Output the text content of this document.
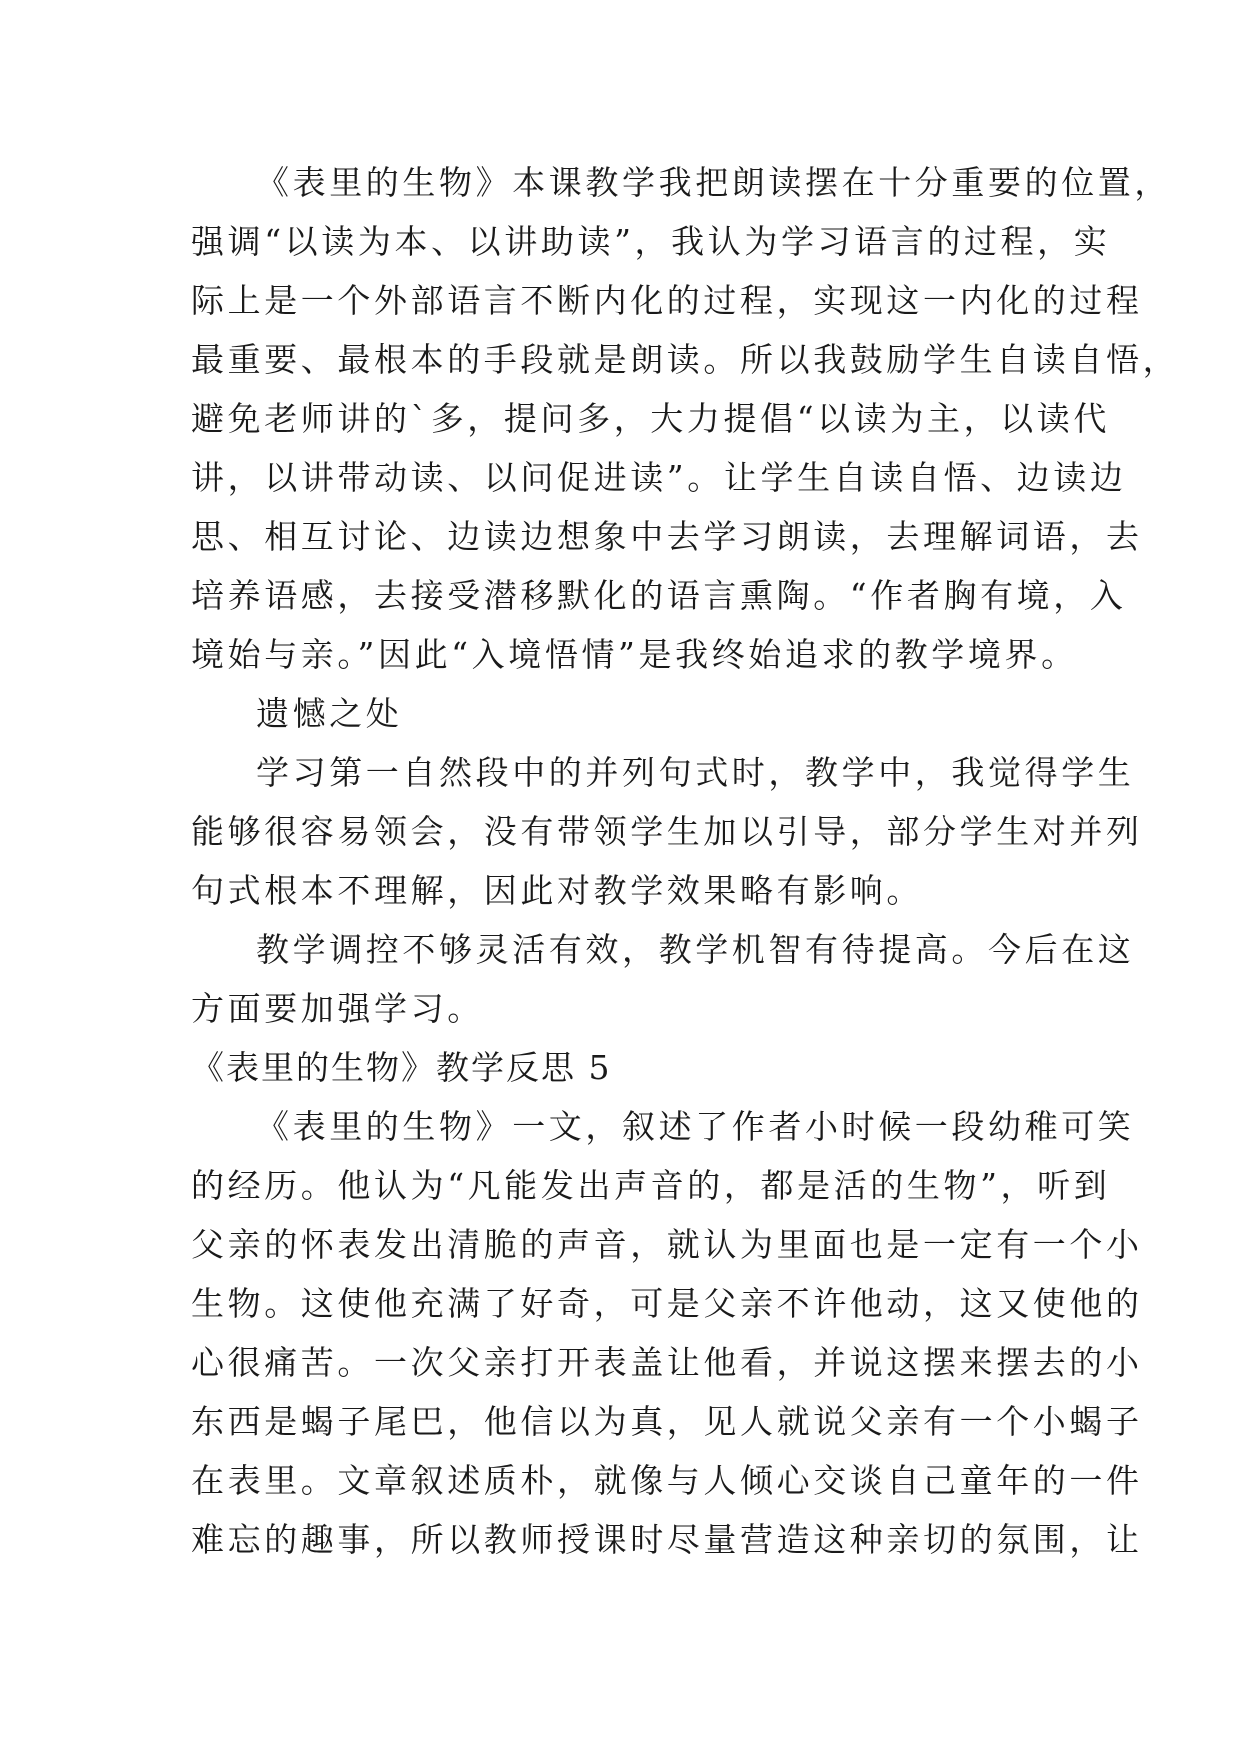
《表里的生物》本课教学我把朗读摆在十分重要的位置，
强调“以读为本、以讲助读”，我认为学习语言的过程，实
际上是一个外部语言不断内化的过程，实现这一内化的过程
最重要、最根本的手段就是朗读。所以我鼓励学生自读自悟，
避免老师讲的`多，提问多，大力提倡“以读为主，以读代
讲，以讲带动读、以问促进读”。让学生自读自悟、边读边
思、相互讨论、边读边想象中去学习朗读，去理解词语，去
培养语感，去接受潜移默化的语言熏陶。“作者胸有境，入
境始与亲。”因此“入境悟情”是我终始追求的教学境界。
遗憾之处
学习第一自然段中的并列句式时，教学中，我觉得学生
能够很容易领会，没有带领学生加以引导，部分学生对并列
句式根本不理解，因此对教学效果略有影响。
教学调控不够灵活有效，教学机智有待提高。今后在这
方面要加强学习。
《表里的生物》教学反思 5
《表里的生物》一文，叙述了作者小时候一段幼稚可笑
的经历。他认为“凡能发出声音的，都是活的生物”，听到
父亲的怀表发出清脆的声音，就认为里面也是一定有一个小
生物。这使他充满了好奇，可是父亲不许他动，这又使他的
心很痛苦。一次父亲打开表盖让他看，并说这摆来摆去的小
东西是蝎子尾巴，他信以为真，见人就说父亲有一个小蝎子
在表里。文章叙述质朴，就像与人倾心交谈自己童年的一件
难忘的趣事，所以教师授课时尽量营造这种亲切的氛围，让
